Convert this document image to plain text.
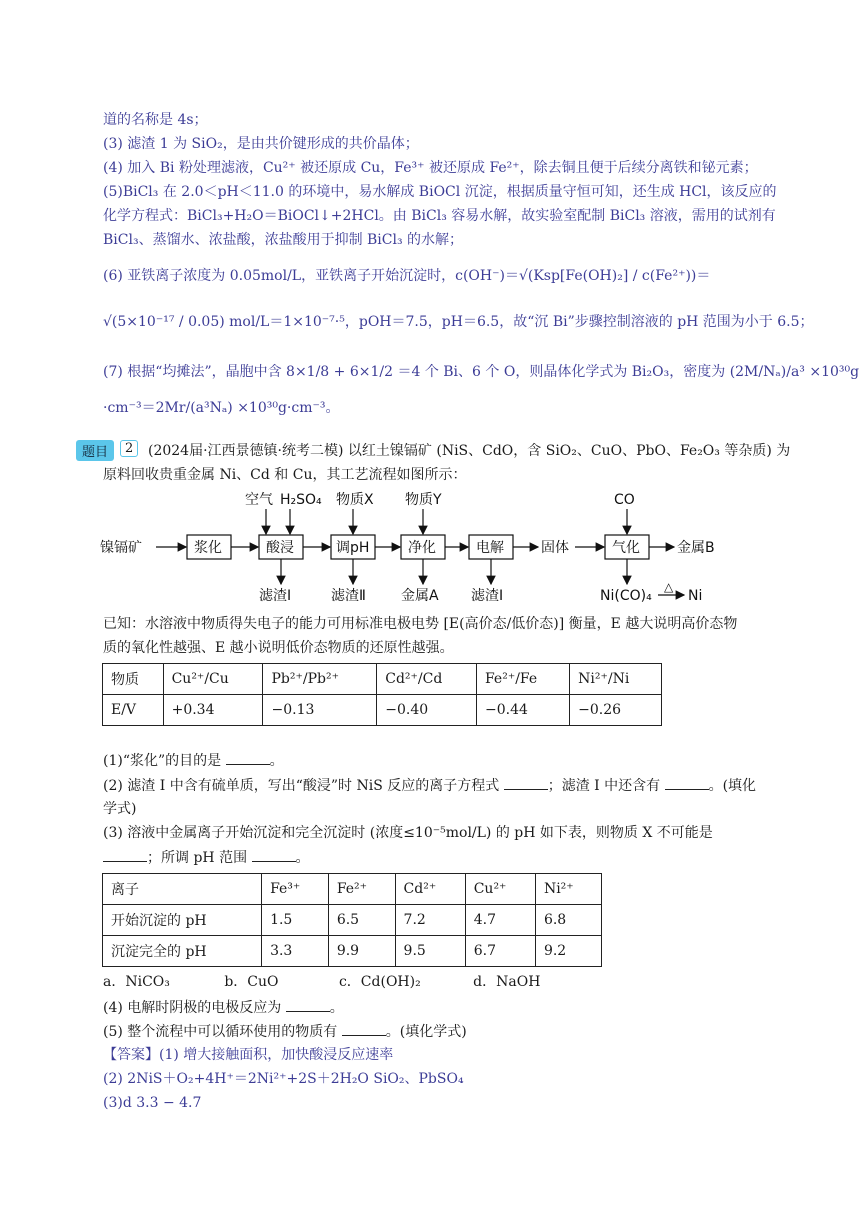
道的名称是 4s；
(3) 滤渣 1 为 SiO₂，是由共价键形成的共价晶体；
(4) 加入 Bi 粉处理滤液，Cu²⁺ 被还原成 Cu，Fe³⁺ 被还原成 Fe²⁺，除去铜且便于后续分离铁和铋元素；
(5)BiCl₃ 在 2.0＜pH＜11.0 的环境中，易水解成 BiOCl 沉淀，根据质量守恒可知，还生成 HCl，该反应的
化学方程式：BiCl₃+H₂O＝BiOCl↓+2HCl。由 BiCl₃ 容易水解，故实验室配制 BiCl₃ 溶液，需用的试剂有
BiCl₃、蒸馏水、浓盐酸，浓盐酸用于抑制 BiCl₃ 的水解；
(6) 亚铁离子浓度为 0.05mol/L，亚铁离子开始沉淀时，c(OH⁻)＝√(Ksp[Fe(OH)₂] / c(Fe²⁺))＝
√(5×10⁻¹⁷ / 0.05) mol/L＝1×10⁻⁷·⁵，pOH＝7.5，pH＝6.5，故“沉 Bi”步骤控制溶液的 pH 范围为小于 6.5；
(7) 根据“均摊法”，晶胞中含 8×1/8 + 6×1/2 ＝4 个 Bi、6 个 O，则晶体化学式为 Bi₂O₃，密度为 (2M/Nₐ)/a³ ×10³⁰g
·cm⁻³＝2Mr/(a³Nₐ) ×10³⁰g·cm⁻³。
题目	2	(2024届·江西景德镇·统考二模) 以红土镍镉矿 (NiS、CdO，含 SiO₂、CuO、PbO、Fe₂O₃ 等杂质) 为
原料回收贵重金属 Ni、Cd 和 Cu，其工艺流程如图所示：
镍镉矿	浆化	酸浸	调pH	净化	电解	气化
固体	金属B
空气 H₂SO₄ 物质X 物质Y	CO
滤渣Ⅰ	滤渣Ⅱ	金属A 滤渣Ⅰ	Ni(CO)₄
△
Ni
已知：水溶液中物质得失电子的能力可用标准电极电势 [E(高价态/低价态)] 衡量，E 越大说明高价态物
质的氧化性越强、E 越小说明低价态物质的还原性越强。
物质	Cu²⁺/Cu	Pb²⁺/Pb²⁺	Cd²⁺/Cd	Fe²⁺/Fe	Ni²⁺/Ni
E/V	+0.34	−0.13	−0.40	−0.44	−0.26
(1)“浆化”的目的是	。
(2) 滤渣 Ⅰ 中含有硫单质，写出“酸浸”时 NiS 反应的离子方程式	；滤渣 Ⅰ 中还含有	。(填化
学式)
(3) 溶液中金属离子开始沉淀和完全沉淀时 (浓度≤10⁻⁵mol/L) 的 pH 如下表，则物质 X 不可能是
；所调 pH 范围	。
离子	Fe³⁺	Fe²⁺	Cd²⁺	Cu²⁺	Ni²⁺
开始沉淀的 pH	1.5	6.5	7.2	4.7	6.8
沉淀完全的 pH	3.3	9.9	9.5	6.7	9.2
a．NiCO₃	b．CuO	c．Cd(OH)₂	d．NaOH
(4) 电解时阴极的电极反应为	。
(5) 整个流程中可以循环使用的物质有	。(填化学式)
【答案】(1) 增大接触面积，加快酸浸反应速率
(2) 2NiS＋O₂+4H⁺＝2Ni²⁺+2S＋2H₂O SiO₂、PbSO₄
(3)d 3.3 − 4.7
